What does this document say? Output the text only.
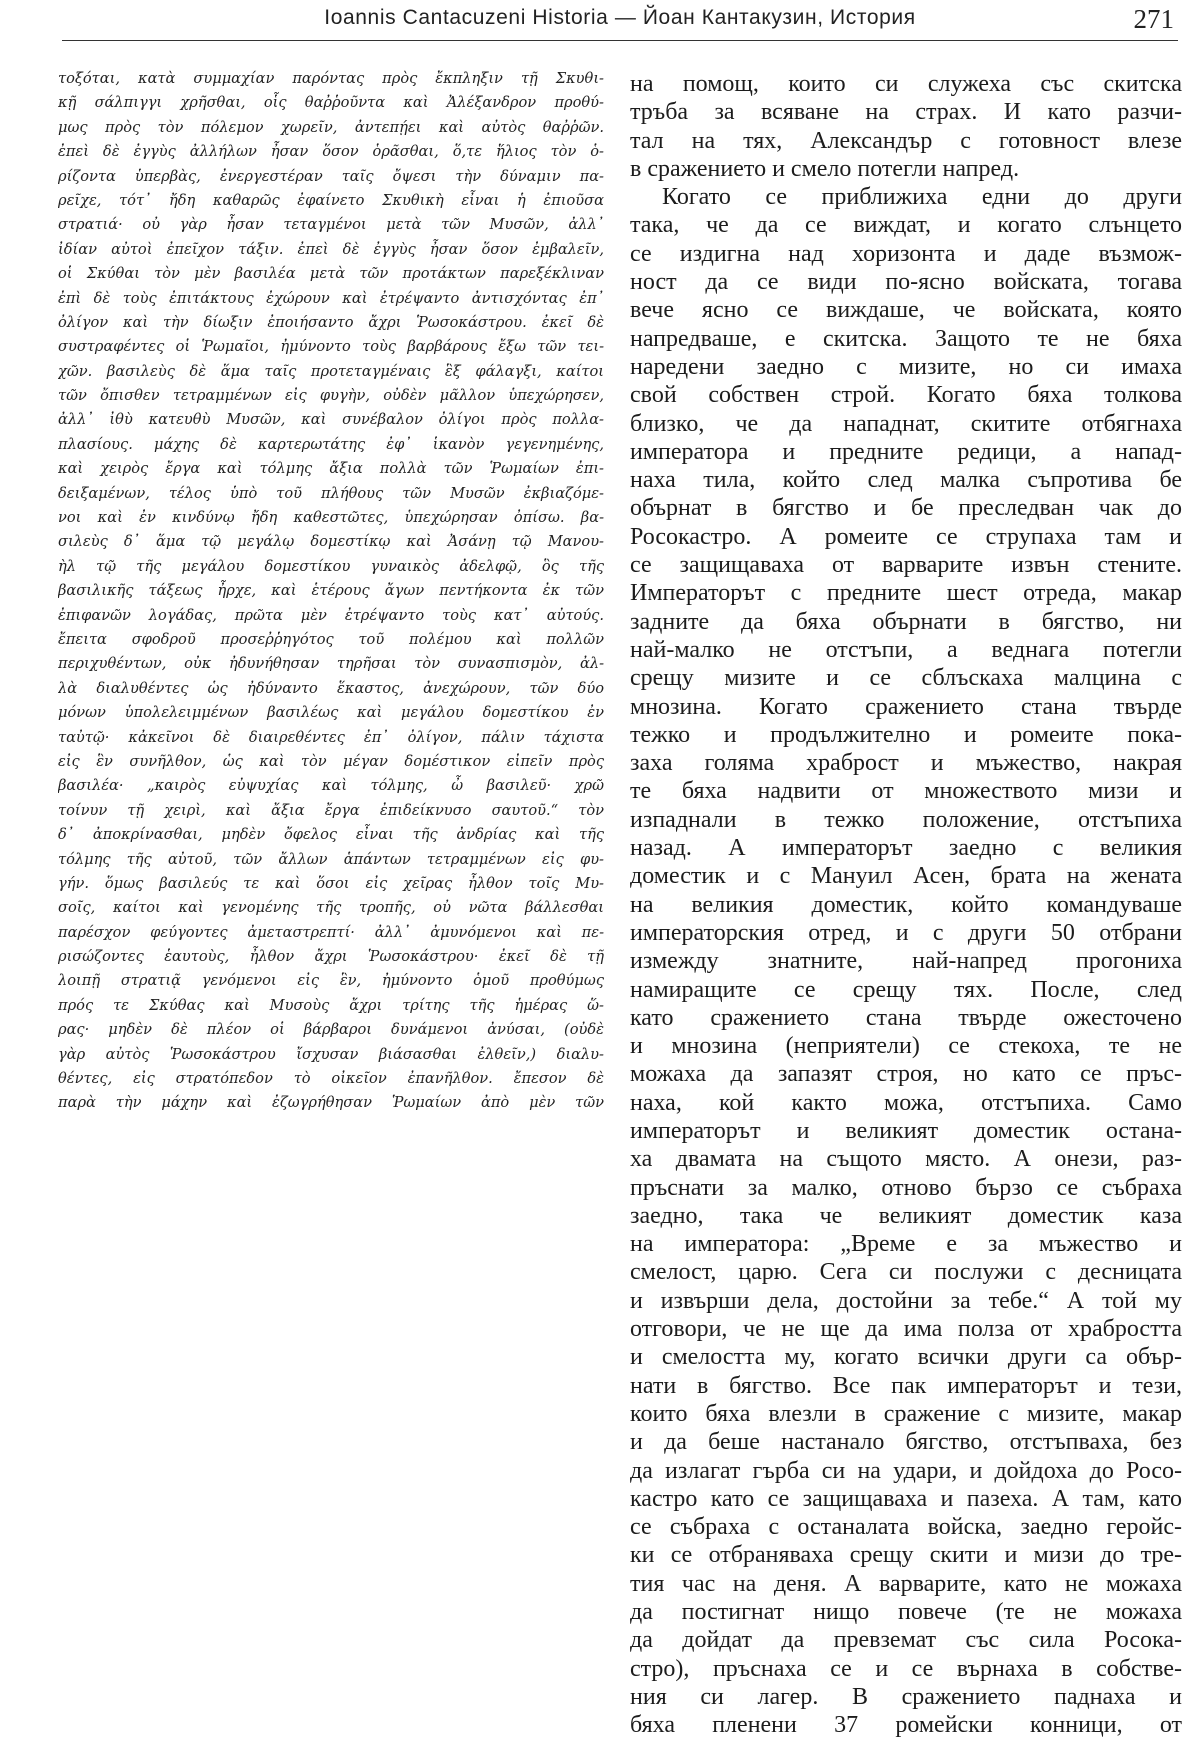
Ioannis Cantacuzeni Historia — Йоан Кантакузин, История	271
τοξόται, κατὰ συμμαχίαν παρόντας πρὸς ἔκπληξιν τῇ Σκυθι-
κῇ σάλπιγγι χρῆσθαι, οἷς θαῤῥοῦντα καὶ Ἀλέξανδρον προθύ-
μως πρὸς τὸν πόλεμον χωρεῖν, ἀντεπῄει καὶ αὐτὸς θαῤῥῶν.
ἐπεὶ δὲ ἐγγὺς ἀλλήλων ἦσαν ὅσον ὁρᾶσθαι, ὅ,τε ἥλιος τὸν ὁ-
ρίζοντα ὑπερβὰς, ἐνεργεστέραν ταῖς ὄψεσι τὴν δύναμιν πα-
ρεῖχε, τότ᾽ ἤδη καθαρῶς ἐφαίνετο Σκυθικὴ εἶναι ἡ ἐπιοῦσα
στρατιά· οὐ γὰρ ἦσαν τεταγμένοι μετὰ τῶν Μυσῶν, ἀλλ᾽
ἰδίαν αὐτοὶ ἐπεῖχον τάξιν. ἐπεὶ δὲ ἐγγὺς ἦσαν ὅσον ἐμβαλεῖν,
οἱ Σκύθαι τὸν μὲν βασιλέα μετὰ τῶν προτάκτων παρεξέκλιναν
ἐπὶ δὲ τοὺς ἐπιτάκτους ἐχώρουν καὶ ἐτρέψαντο ἀντισχόντας ἐπ᾽
ὀλίγον καὶ τὴν δίωξιν ἐποιήσαντο ἄχρι Ῥωσοκάστρου. ἐκεῖ δὲ
συστραφέντες οἱ Ῥωμαῖοι, ἠμύνοντο τοὺς βαρβάρους ἔξω τῶν τει-
χῶν. βασιλεὺς δὲ ἅμα ταῖς προτεταγμέναις ἓξ φάλαγξι, καίτοι
τῶν ὄπισθεν τετραμμένων εἰς φυγὴν, οὐδὲν μᾶλλον ὑπεχώρησεν,
ἀλλ᾽ ἰθὺ κατευθὺ Μυσῶν, καὶ συνέβαλον ὀλίγοι πρὸς πολλα-
πλασίους. μάχης δὲ καρτερωτάτης ἐφ᾽ ἱκανὸν γεγενημένης,
καὶ χειρὸς ἔργα καὶ τόλμης ἄξια πολλὰ τῶν Ῥωμαίων ἐπι-
δειξαμένων, τέλος ὑπὸ τοῦ πλήθους τῶν Μυσῶν ἐκβιαζόμε-
νοι καὶ ἐν κινδύνῳ ἤδη καθεστῶτες, ὑπεχώρησαν ὀπίσω. βα-
σιλεὺς δ᾽ ἅμα τῷ μεγάλῳ δομεστίκῳ καὶ Ἀσάνῃ τῷ Μανου-
ὴλ τῷ τῆς μεγάλου δομεστίκου γυναικὸς ἀδελφῷ, ὃς τῆς
βασιλικῆς τάξεως ἦρχε, καὶ ἑτέρους ἄγων πεντήκοντα ἐκ τῶν
ἐπιφανῶν λογάδας, πρῶτα μὲν ἐτρέψαντο τοὺς κατ᾽ αὐτούς.
ἔπειτα σφοδροῦ προσεῤῥηγότος τοῦ πολέμου καὶ πολλῶν
περιχυθέντων, οὐκ ἠδυνήθησαν τηρῆσαι τὸν συνασπισμὸν, ἀλ-
λὰ διαλυθέντες ὡς ἠδύναντο ἕκαστος, ἀνεχώρουν, τῶν δύο
μόνων ὑπολελειμμένων βασιλέως καὶ μεγάλου δομεστίκου ἐν
ταὐτῷ· κἀκεῖνοι δὲ διαιρεθέντες ἐπ᾽ ὀλίγον, πάλιν τάχιστα
εἰς ἓν συνῆλθον, ὡς καὶ τὸν μέγαν δομέστικον εἰπεῖν πρὸς
βασιλέα· „καιρὸς εὐψυχίας καὶ τόλμης, ὦ βασιλεῦ· χρῶ
τοίνυν τῇ χειρὶ, καὶ ἄξια ἔργα ἐπιδείκνυσο σαυτοῦ.“ τὸν
δ᾽ ἀποκρίνασθαι, μηδὲν ὄφελος εἶναι τῆς ἀνδρίας καὶ τῆς
τόλμης τῆς αὐτοῦ, τῶν ἄλλων ἁπάντων τετραμμένων εἰς φυ-
γήν. ὅμως βασιλεύς τε καὶ ὅσοι εἰς χεῖρας ἦλθον τοῖς Μυ-
σοῖς, καίτοι καὶ γενομένης τῆς τροπῆς, οὐ νῶτα βάλλεσθαι
παρέσχον φεύγοντες ἀμεταστρεπτί· ἀλλ᾽ ἀμυνόμενοι καὶ πε-
ρισώζοντες ἑαυτοὺς, ἦλθον ἄχρι Ῥωσοκάστρου· ἐκεῖ δὲ τῇ
λοιπῇ στρατιᾷ γενόμενοι εἰς ἓν, ἠμύνοντο ὁμοῦ προθύμως
πρός τε Σκύθας καὶ Μυσοὺς ἄχρι τρίτης τῆς ἡμέρας ὥ-
ρας· μηδὲν δὲ πλέον οἱ βάρβαροι δυνάμενοι ἀνύσαι, (οὐδὲ
γὰρ αὐτὸς Ῥωσοκάστρου ἴσχυσαν βιάσασθαι ἐλθεῖν,) διαλυ-
θέντες, εἰς στρατόπεδον τὸ οἰκεῖον ἐπανῆλθον. ἔπεσον δὲ
παρὰ τὴν μάχην καὶ ἐζωγρήθησαν Ῥωμαίων ἀπὸ μὲν τῶν
на помощ, които си служеха със скитска
тръба за всяване на страх. И като разчи-
тал на тях, Александър с готовност влезе
в сражението и смело потегли напред.
Когато се приближиха едни до други
така, че да се виждат, и когато слънцето
се издигна над хоризонта и даде възмож-
ност да се види по-ясно войската, тогава
вече ясно се виждаше, че войската, която
напредваше, е скитска. Защото те не бяха
наредени заедно с мизите, но си имаха
свой собствен строй. Когато бяха толкова
близко, че да нападнат, скитите отбягнаха
императора и предните редици, а напад-
наха тила, който след малка съпротива бе
обърнат в бягство и бе преследван чак до
Росокастро. А ромеите се струпаха там и
се защищаваха от варварите извън стените.
Императорът с предните шест отреда, макар
задните да бяха обърнати в бягство, ни
най-малко не отстъпи, а веднага потегли
срещу мизите и се сблъскаха малцина с
мнозина. Когато сражението стана твърде
тежко и продължително и ромеите пока-
заха голяма храброст и мъжество, накрая
те бяха надвити от множеството мизи и
изпаднали в тежко положение, отстъпиха
назад. А императорът заедно с великия
доместик и с Мануил Асен, брата на жената
на великия доместик, който командуваше
императорския отред, и с други 50 отбрани
измежду знатните, най-напред прогониха
намиращите се срещу тях. После, след
като сражението стана твърде ожесточено
и мнозина (неприятели) се стекоха, те не
можаха да запазят строя, но като се пръс-
наха, кой както можа, отстъпиха. Само
императорът и великият доместик остана-
ха двамата на същото място. А онези, раз-
пръснати за малко, отново бързо се събраха
заедно, така че великият доместик каза
на императора: „Време е за мъжество и
смелост, царю. Сега си послужи с десницата
и извърши дела, достойни за тебе.“ А той му
отговори, че не ще да има полза от храбростта
и смелостта му, когато всички други са обър-
нати в бягство. Все пак императорът и тези,
които бяха влезли в сражение с мизите, макар
и да беше настанало бягство, отстъпваха, без
да излагат гърба си на удари, и дойдоха до Росо-
кастро като се защищаваха и пазеха. А там, като
се събраха с останалата войска, заедно геройс-
ки се отбраняваха срещу скити и мизи до тре-
тия час на деня. А варварите, като не можаха
да постигнат нищо повече (те не можаха
да дойдат да превземат със сила Росока-
стро), пръснаха се и се върнаха в собстве-
ния си лагер. В сражението паднаха и
бяха пленени 37 ромейски конници, от
